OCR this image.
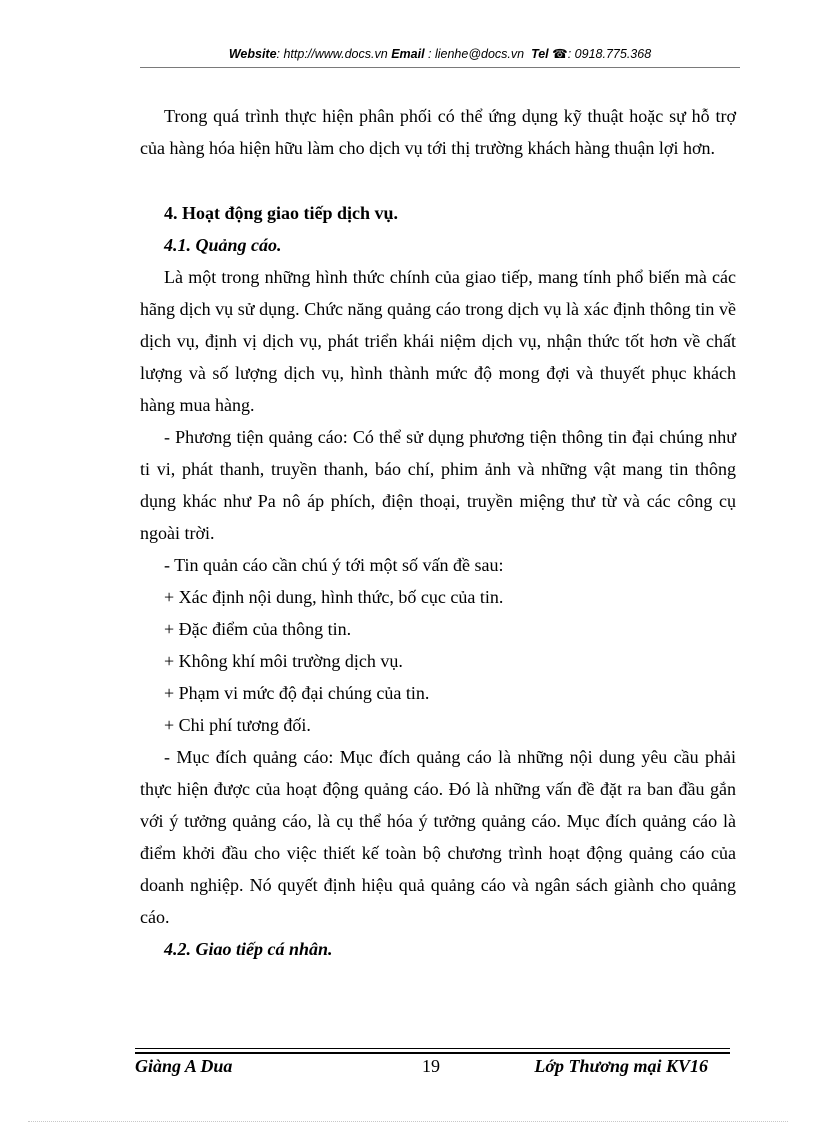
Website: http://www.docs.vn Email : lienhe@docs.vn Tel ☎: 0918.775.368

Trong quá trình thực hiện phân phối có thể ứng dụng kỹ thuật hoặc sự hỗ trợ của hàng hóa hiện hữu làm cho dịch vụ tới thị trường khách hàng thuận lợi hơn.

4. Hoạt động giao tiếp dịch vụ.

4.1. Quảng cáo.

Là một trong những hình thức chính của giao tiếp, mang tính phổ biến mà các hãng dịch vụ sử dụng. Chức năng quảng cáo trong dịch vụ là xác định thông tin về dịch vụ, định vị dịch vụ, phát triển khái niệm dịch vụ, nhận thức tốt hơn về chất lượng và số lượng dịch vụ, hình thành mức độ mong đợi và thuyết phục khách hàng mua hàng.

- Phương tiện quảng cáo: Có thể sử dụng phương tiện thông tin đại chúng như ti vi, phát thanh, truyền thanh, báo chí, phim ảnh và những vật mang tin thông dụng khác như Pa nô áp phích, điện thoại, truyền miệng thư từ và các công cụ ngoài trời.

- Tin quản cáo cần chú ý tới một số vấn đề sau:

+ Xác định nội dung, hình thức, bố cục của tin.

+ Đặc điểm của thông tin.

+ Không khí môi trường dịch vụ.

+ Phạm vi mức độ đại chúng của tin.

+ Chi phí tương đối.

- Mục đích quảng cáo: Mục đích quảng cáo là những nội dung yêu cầu phải thực hiện được của hoạt động quảng cáo. Đó là những vấn đề đặt ra ban đầu gắn với ý tưởng quảng cáo, là cụ thể hóa ý tưởng quảng cáo. Mục đích quảng cáo là điểm khởi đầu cho việc thiết kế toàn bộ chương trình hoạt động quảng cáo của doanh nghiệp. Nó quyết định hiệu quả quảng cáo và ngân sách giành cho quảng cáo.

4.2. Giao tiếp cá nhân.

Giàng A Dua	19	Lớp Thương mại KV16
